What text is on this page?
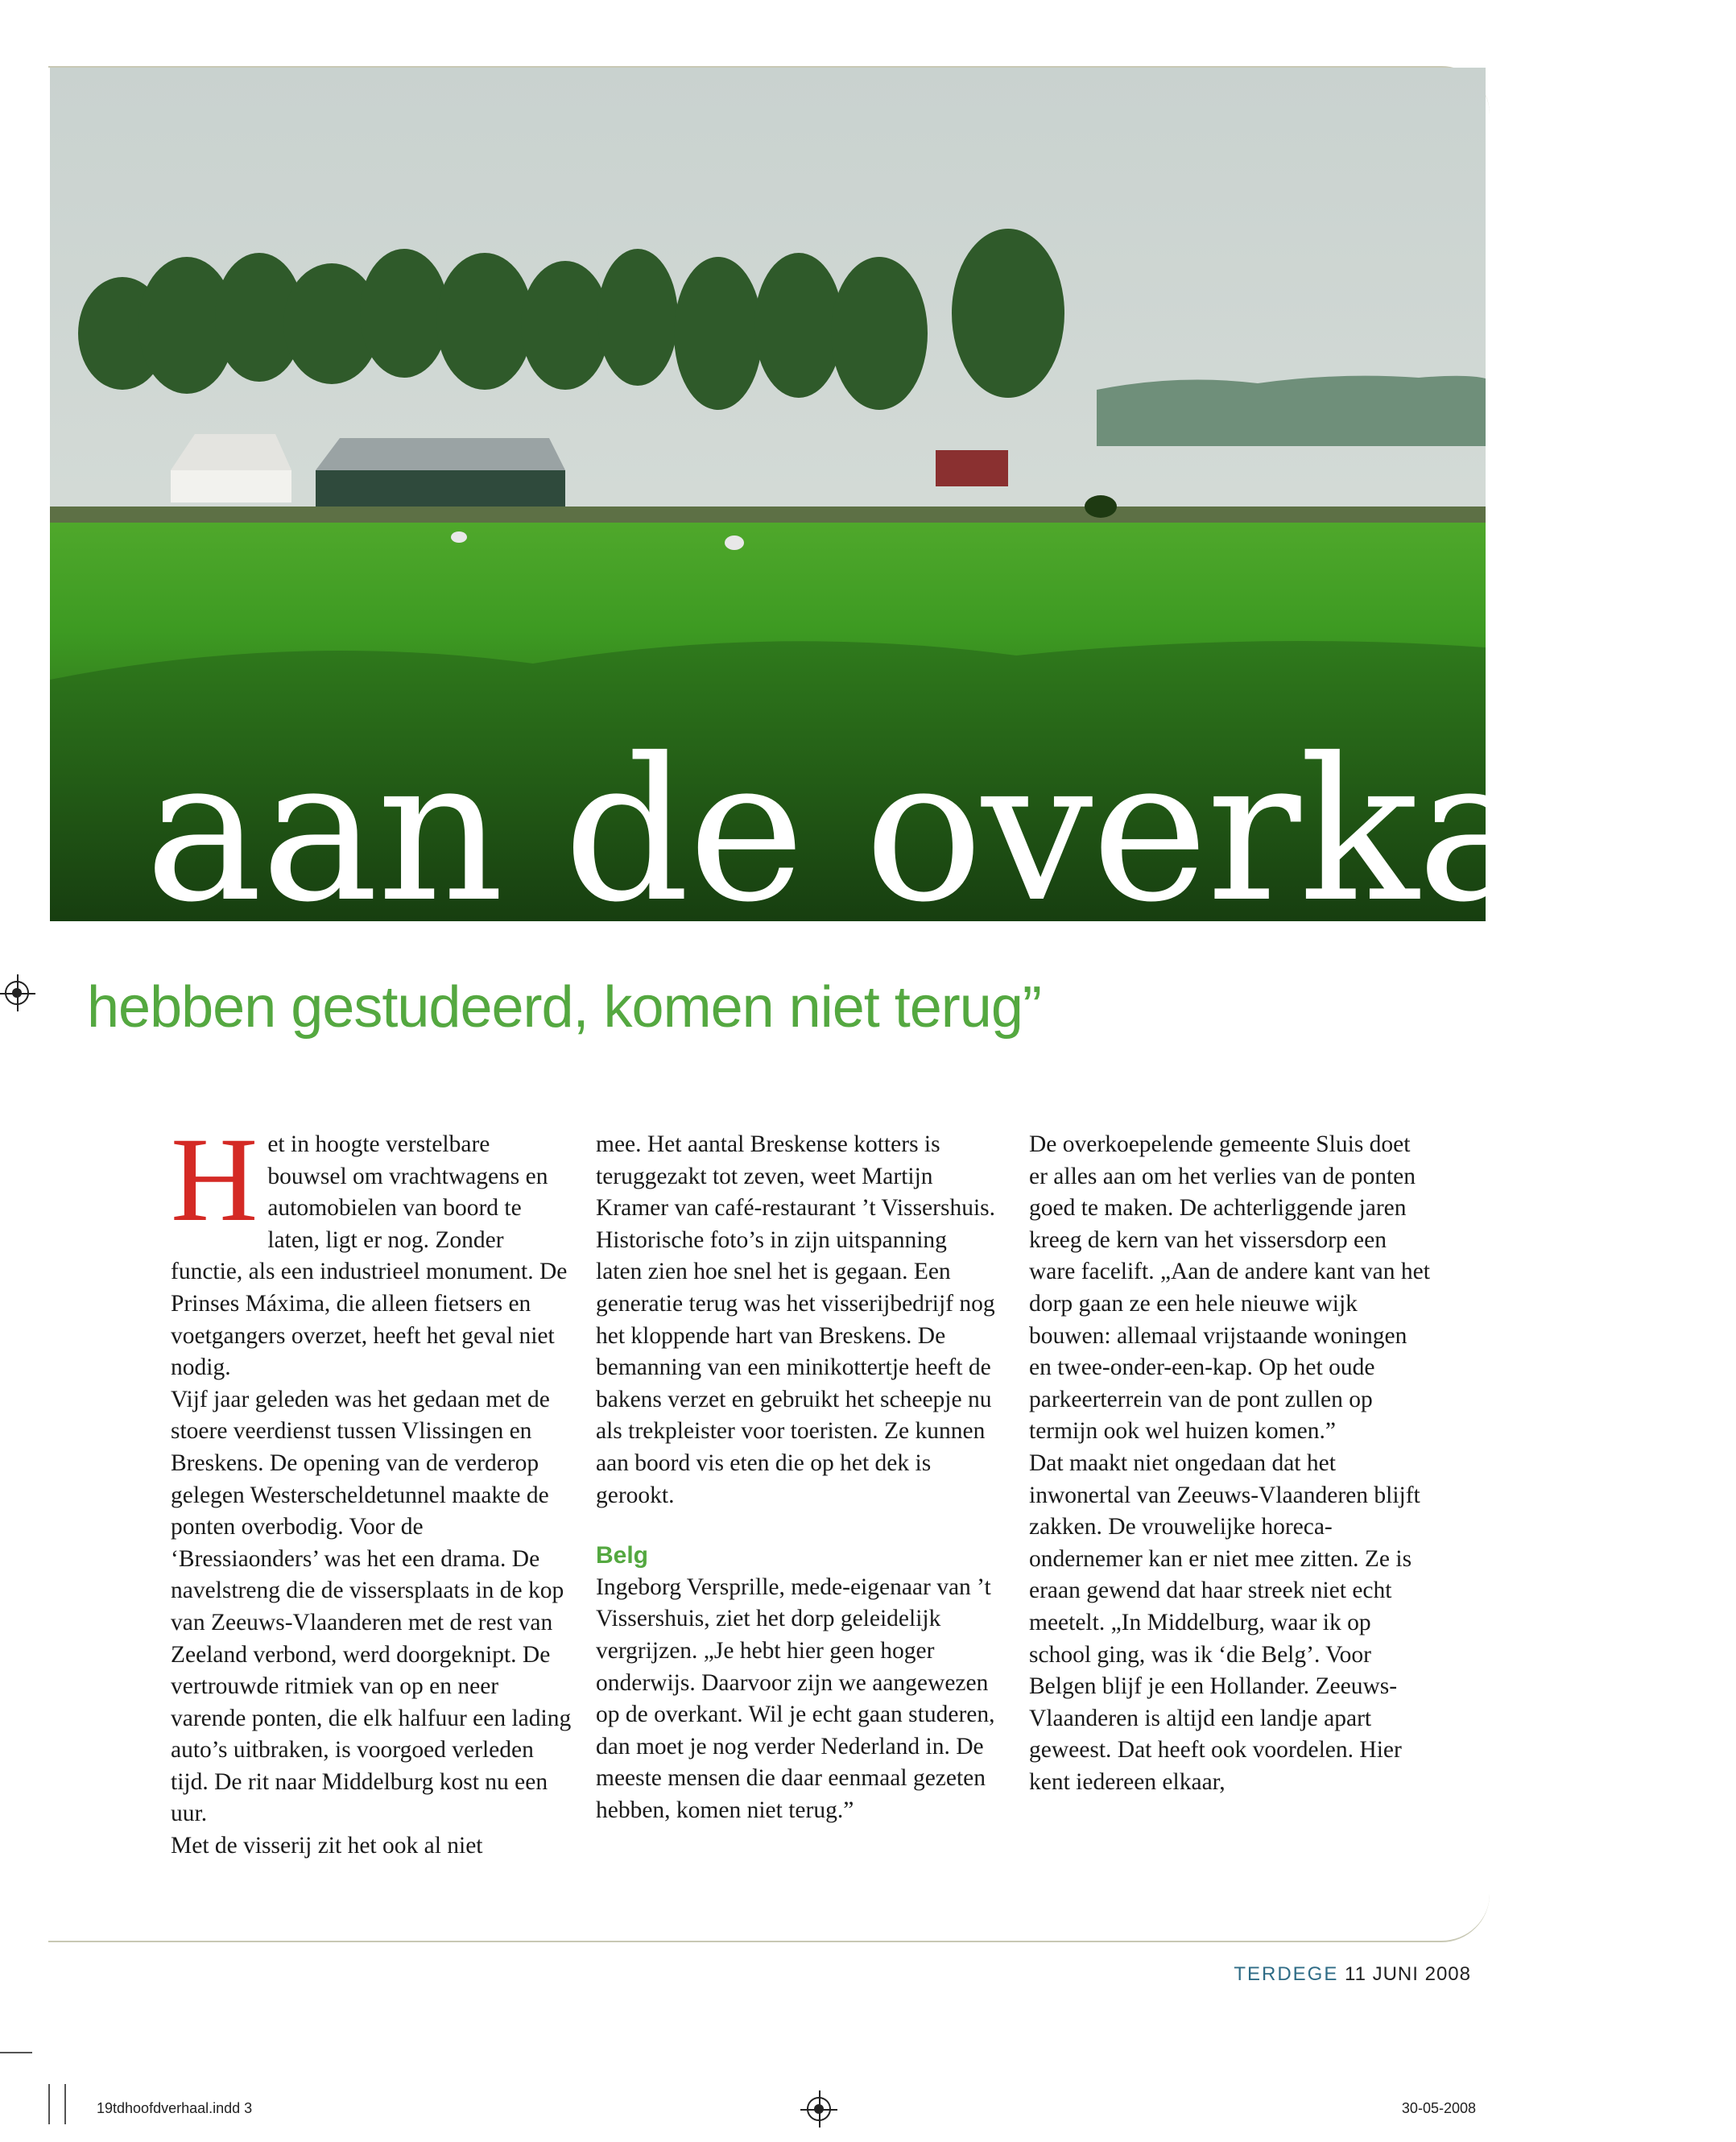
aan de overkant
hebben gestudeerd, komen niet terug”
H et in hoogte verstelbare bouwsel om vrachtwagens en automobielen van boord te laten, ligt er nog. Zonder functie, als een industrieel monument. De Prinses Máxima, die alleen fietsers en voetgangers overzet, heeft het geval niet nodig.

Vijf jaar geleden was het gedaan met de stoere veerdienst tussen Vlissingen en Breskens. De opening van de verderop gelegen Westerscheldetunnel maakte de ponten overbodig. Voor de ‘Bressiaonders’ was het een drama. De navelstreng die de vissersplaats in de kop van Zeeuws-Vlaanderen met de rest van Zeeland verbond, werd doorgeknipt. De vertrouwde ritmiek van op en neer varende ponten, die elk halfuur een lading auto’s uitbraken, is voorgoed verleden tijd. De rit naar Middelburg kost nu een uur.

Met de visserij zit het ook al niet

mee. Het aantal Breskense kotters is teruggezakt tot zeven, weet Martijn Kramer van café-restaurant ’t Vissershuis. Historische foto’s in zijn uitspanning laten zien hoe snel het is gegaan. Een generatie terug was het visserijbedrijf nog het kloppende hart van Breskens. De bemanning van een minikottertje heeft de bakens verzet en gebruikt het scheepje nu als trekpleister voor toeristen. Ze kunnen aan boord vis eten die op het dek is gerookt.

Belg

Ingeborg Versprille, mede-eigenaar van ’t Vissershuis, ziet het dorp geleidelijk vergrijzen. „Je hebt hier geen hoger onderwijs. Daarvoor zijn we aangewezen op de overkant. Wil je echt gaan studeren, dan moet je nog verder Nederland in. De meeste mensen die daar eenmaal gezeten hebben, komen niet terug.”

De overkoepelende gemeente Sluis doet er alles aan om het verlies van de ponten goed te maken. De achterliggende jaren kreeg de kern van het vissersdorp een ware facelift. „Aan de andere kant van het dorp gaan ze een hele nieuwe wijk bouwen: allemaal vrijstaande woningen en twee-onder-een-kap. Op het oude parkeerterrein van de pont zullen op termijn ook wel huizen komen.”

Dat maakt niet ongedaan dat het inwonertal van Zeeuws-Vlaanderen blijft zakken. De vrouwelijke horeca-ondernemer kan er niet mee zitten. Ze is eraan gewend dat haar streek niet echt meetelt. „In Middelburg, waar ik op school ging, was ik ‘die Belg’. Voor Belgen blijf je een Hollander. Zeeuws-Vlaanderen is altijd een landje apart geweest. Dat heeft ook voordelen. Hier kent iedereen elkaar,

TERDEGE 11 JUNI 2008
19tdhoofdverhaal.indd 3	30-05-2008
